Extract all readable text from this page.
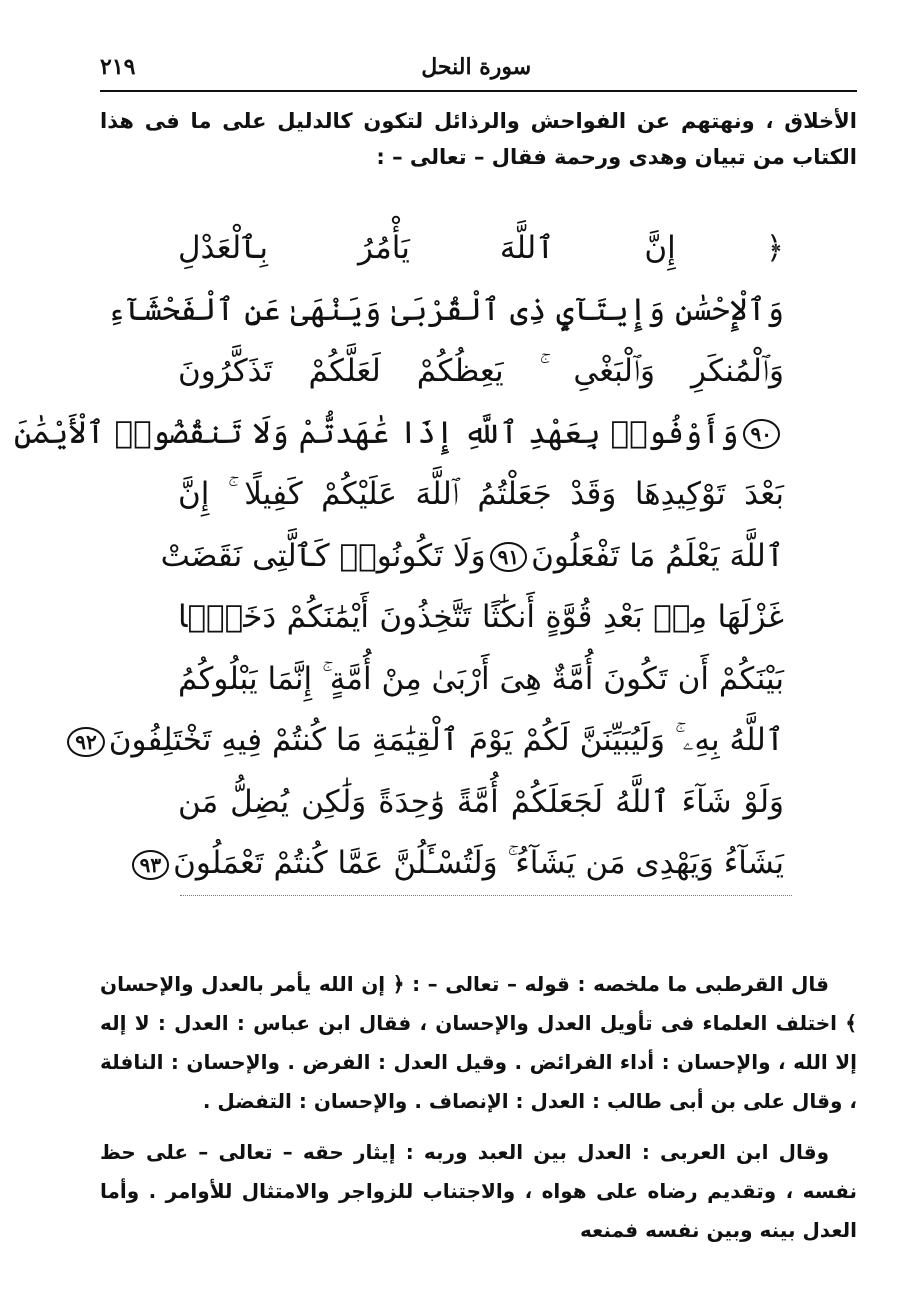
٢١٩	سورة النحل

الأخلاق ، ونهتهم عن الفواحش والرذائل لتكون كالدليل على ما فى هذا الكتاب من تبيان وهدى ورحمة فقال – تعالى – :

﴿ إِنَّ ٱللَّهَ يَأْمُرُ بِٱلْعَدْلِ
وَٱلْإِحْسَٰنِ وَإِيتَآيِٕ ذِى ٱلْقُرْبَىٰ وَيَنْهَىٰ عَنِ ٱلْفَحْشَآءِ
وَٱلْمُنكَرِ وَٱلْبَغْىِ ۚ يَعِظُكُمْ لَعَلَّكُمْ تَذَكَّرُونَ
٩٠وَأَوْفُوا۟ بِعَهْدِ ٱللَّهِ إِذَا عَٰهَدتُّمْ وَلَا تَنقُضُوا۟ ٱلْأَيْمَٰنَ
بَعْدَ تَوْكِيدِهَا وَقَدْ جَعَلْتُمُ ٱللَّهَ عَلَيْكُمْ كَفِيلًا ۚ إِنَّ
ٱللَّهَ يَعْلَمُ مَا تَفْعَلُونَ٩١وَلَا تَكُونُوا۟ كَٱلَّتِى نَقَضَتْ
غَزْلَهَا مِنۢ بَعْدِ قُوَّةٍ أَنكَٰثًا تَتَّخِذُونَ أَيْمَٰنَكُمْ دَخَلًۢا
بَيْنَكُمْ أَن تَكُونَ أُمَّةٌ هِىَ أَرْبَىٰ مِنْ أُمَّةٍ ۚ إِنَّمَا يَبْلُوكُمُ
ٱللَّهُ بِهِۦ ۚ وَلَيُبَيِّنَنَّ لَكُمْ يَوْمَ ٱلْقِيَٰمَةِ مَا كُنتُمْ فِيهِ تَخْتَلِفُونَ٩٢
وَلَوْ شَآءَ ٱللَّهُ لَجَعَلَكُمْ أُمَّةً وَٰحِدَةً وَلَٰكِن يُضِلُّ مَن
يَشَآءُ وَيَهْدِى مَن يَشَآءُ ۚ وَلَتُسْـَٔلُنَّ عَمَّا كُنتُمْ تَعْمَلُونَ٩٣

قال القرطبى ما ملخصه : قوله – تعالى – : ﴿ إن الله يأمر بالعدل والإحسان ﴾ اختلف العلماء فى تأويل العدل والإحسان ، فقال ابن عباس : العدل : لا إله إلا الله ، والإحسان : أداء الفرائض . وقيل العدل : الفرض . والإحسان : النافلة ، وقال على بن أبى طالب : العدل : الإنصاف . والإحسان : التفضل .

وقال ابن العربى : العدل بين العبد وربه : إيثار حقه – تعالى – على حظ نفسه ، وتقديم رضاه على هواه ، والاجتناب للزواجر والامتثال للأوامر . وأما العدل بينه وبين نفسه فمنعه
